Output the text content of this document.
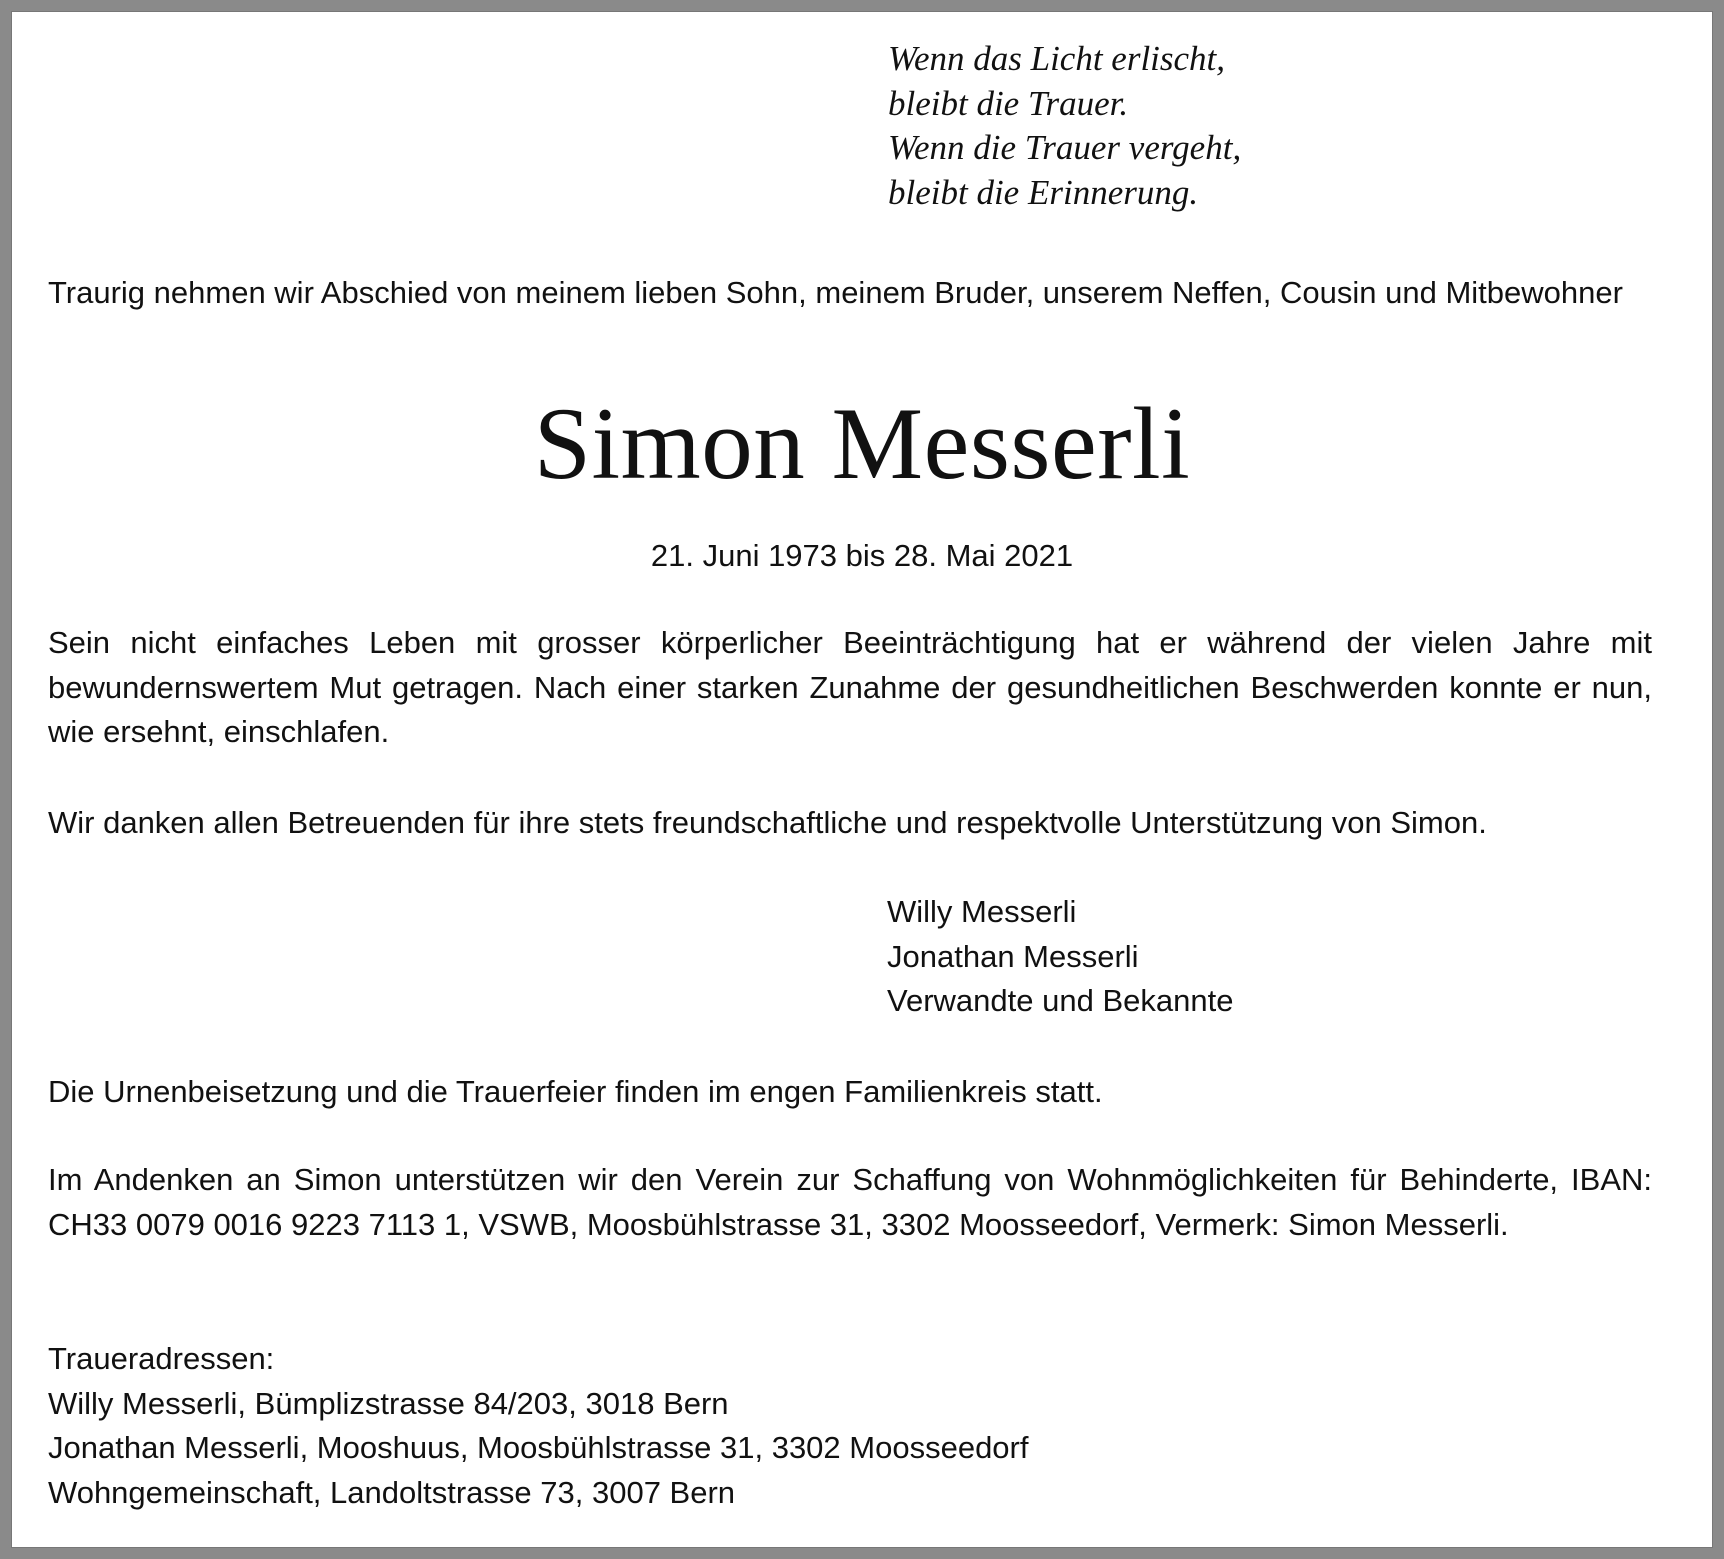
Wenn das Licht erlischt,
bleibt die Trauer.
Wenn die Trauer vergeht,
bleibt die Erinnerung.
Traurig nehmen wir Abschied von meinem lieben Sohn, meinem Bruder, unserem Neffen, Cousin und Mitbewohner
Simon Messerli
21. Juni 1973 bis 28. Mai 2021
Sein nicht einfaches Leben mit grosser körperlicher Beeinträchtigung hat er während der vielen Jahre mit bewundernswertem Mut getragen. Nach einer starken Zunahme der gesundheitlichen Beschwerden konnte er nun, wie ersehnt, einschlafen.
Wir danken allen Betreuenden für ihre stets freundschaftliche und respektvolle Unterstützung von Simon.
Willy Messerli
Jonathan Messerli
Verwandte und Bekannte
Die Urnenbeisetzung und die Trauerfeier finden im engen Familienkreis statt.
Im Andenken an Simon unterstützen wir den Verein zur Schaffung von Wohnmöglichkeiten für Behinderte, IBAN: CH33 0079 0016 9223 7113 1, VSWB, Moosbühlstrasse 31, 3302 Moosseedorf, Vermerk: Simon Messerli.
Traueradressen:
Willy Messerli, Bümplizstrasse 84/203, 3018 Bern
Jonathan Messerli, Mooshuus, Moosbühlstrasse 31, 3302 Moosseedorf
Wohngemeinschaft, Landoltstrasse 73, 3007 Bern
